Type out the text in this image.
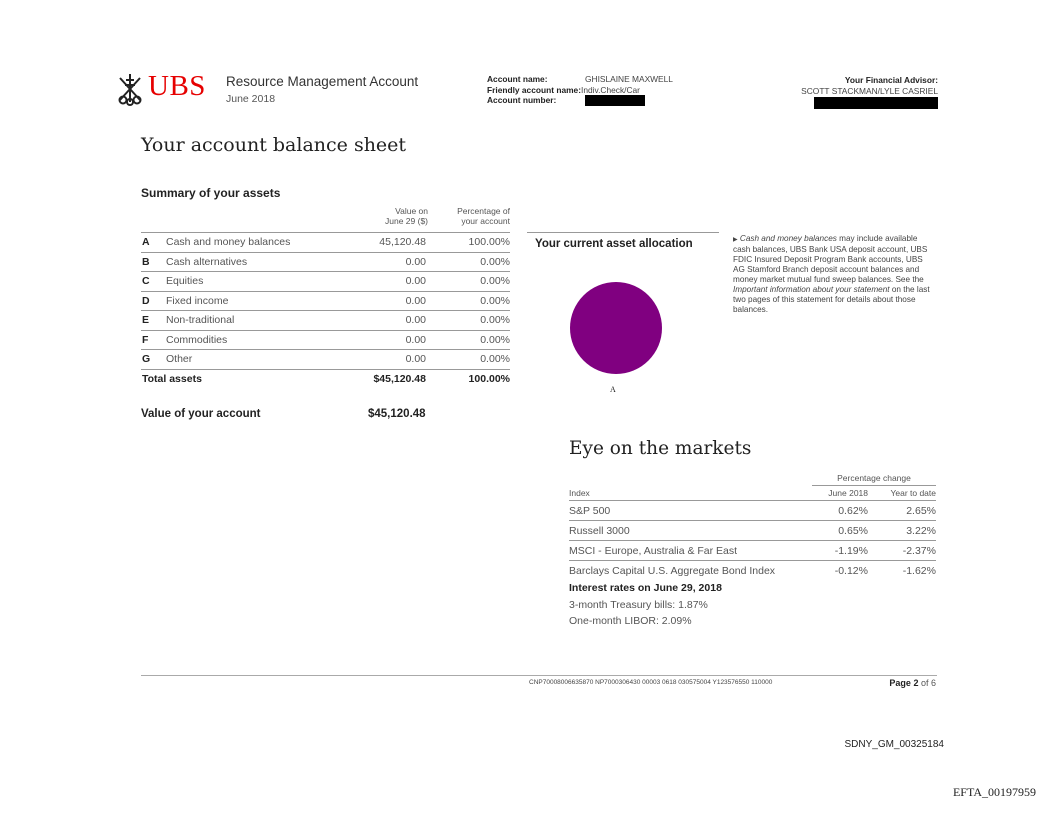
UBS Resource Management Account
June 2018
Account name:	GHISLAINE MAXWELL
Friendly account name:Indiv.Check/Car
Account number:
Your Financial Advisor:
SCOTT STACKMAN/LYLE CASRIEL
Your account balance sheet
Summary of your assets
Value on
June 29 ($)
Percentage of
your account
A	Cash and money balances	45,120.48	100.00%
B	Cash alternatives	0.00	0.00%
C	Equities	0.00	0.00%
D	Fixed income	0.00	0.00%
E	Non-traditional	0.00	0.00%
F	Commodities	0.00	0.00%
G	Other	0.00	0.00%
Total assets		$45,120.48	100.00%
Value of your account	$45,120.48
Your current asset allocation
A
▶ Cash and money balances may include available cash balances, UBS Bank USA deposit account, UBS FDIC Insured Deposit Program Bank accounts, UBS AG Stamford Branch deposit account balances and money market mutual fund sweep balances. See the Important information about your statement on the last two pages of this statement for details about those balances.
Eye on the markets
Percentage change
Index	June 2018	Year to date
S&P 500	0.62%	2.65%
Russell 3000	0.65%	3.22%
MSCI - Europe, Australia & Far East	-1.19%	-2.37%
Barclays Capital U.S. Aggregate Bond Index	-0.12%	-1.62%
Interest rates on June 29, 2018
3-month Treasury bills: 1.87%
One-month LIBOR: 2.09%
CNP70008006635870 NP7000306430 00003 0618 030575004 Y123576550 110000	Page 2 of 6
SDNY_GM_00325184
EFTA_00197959
